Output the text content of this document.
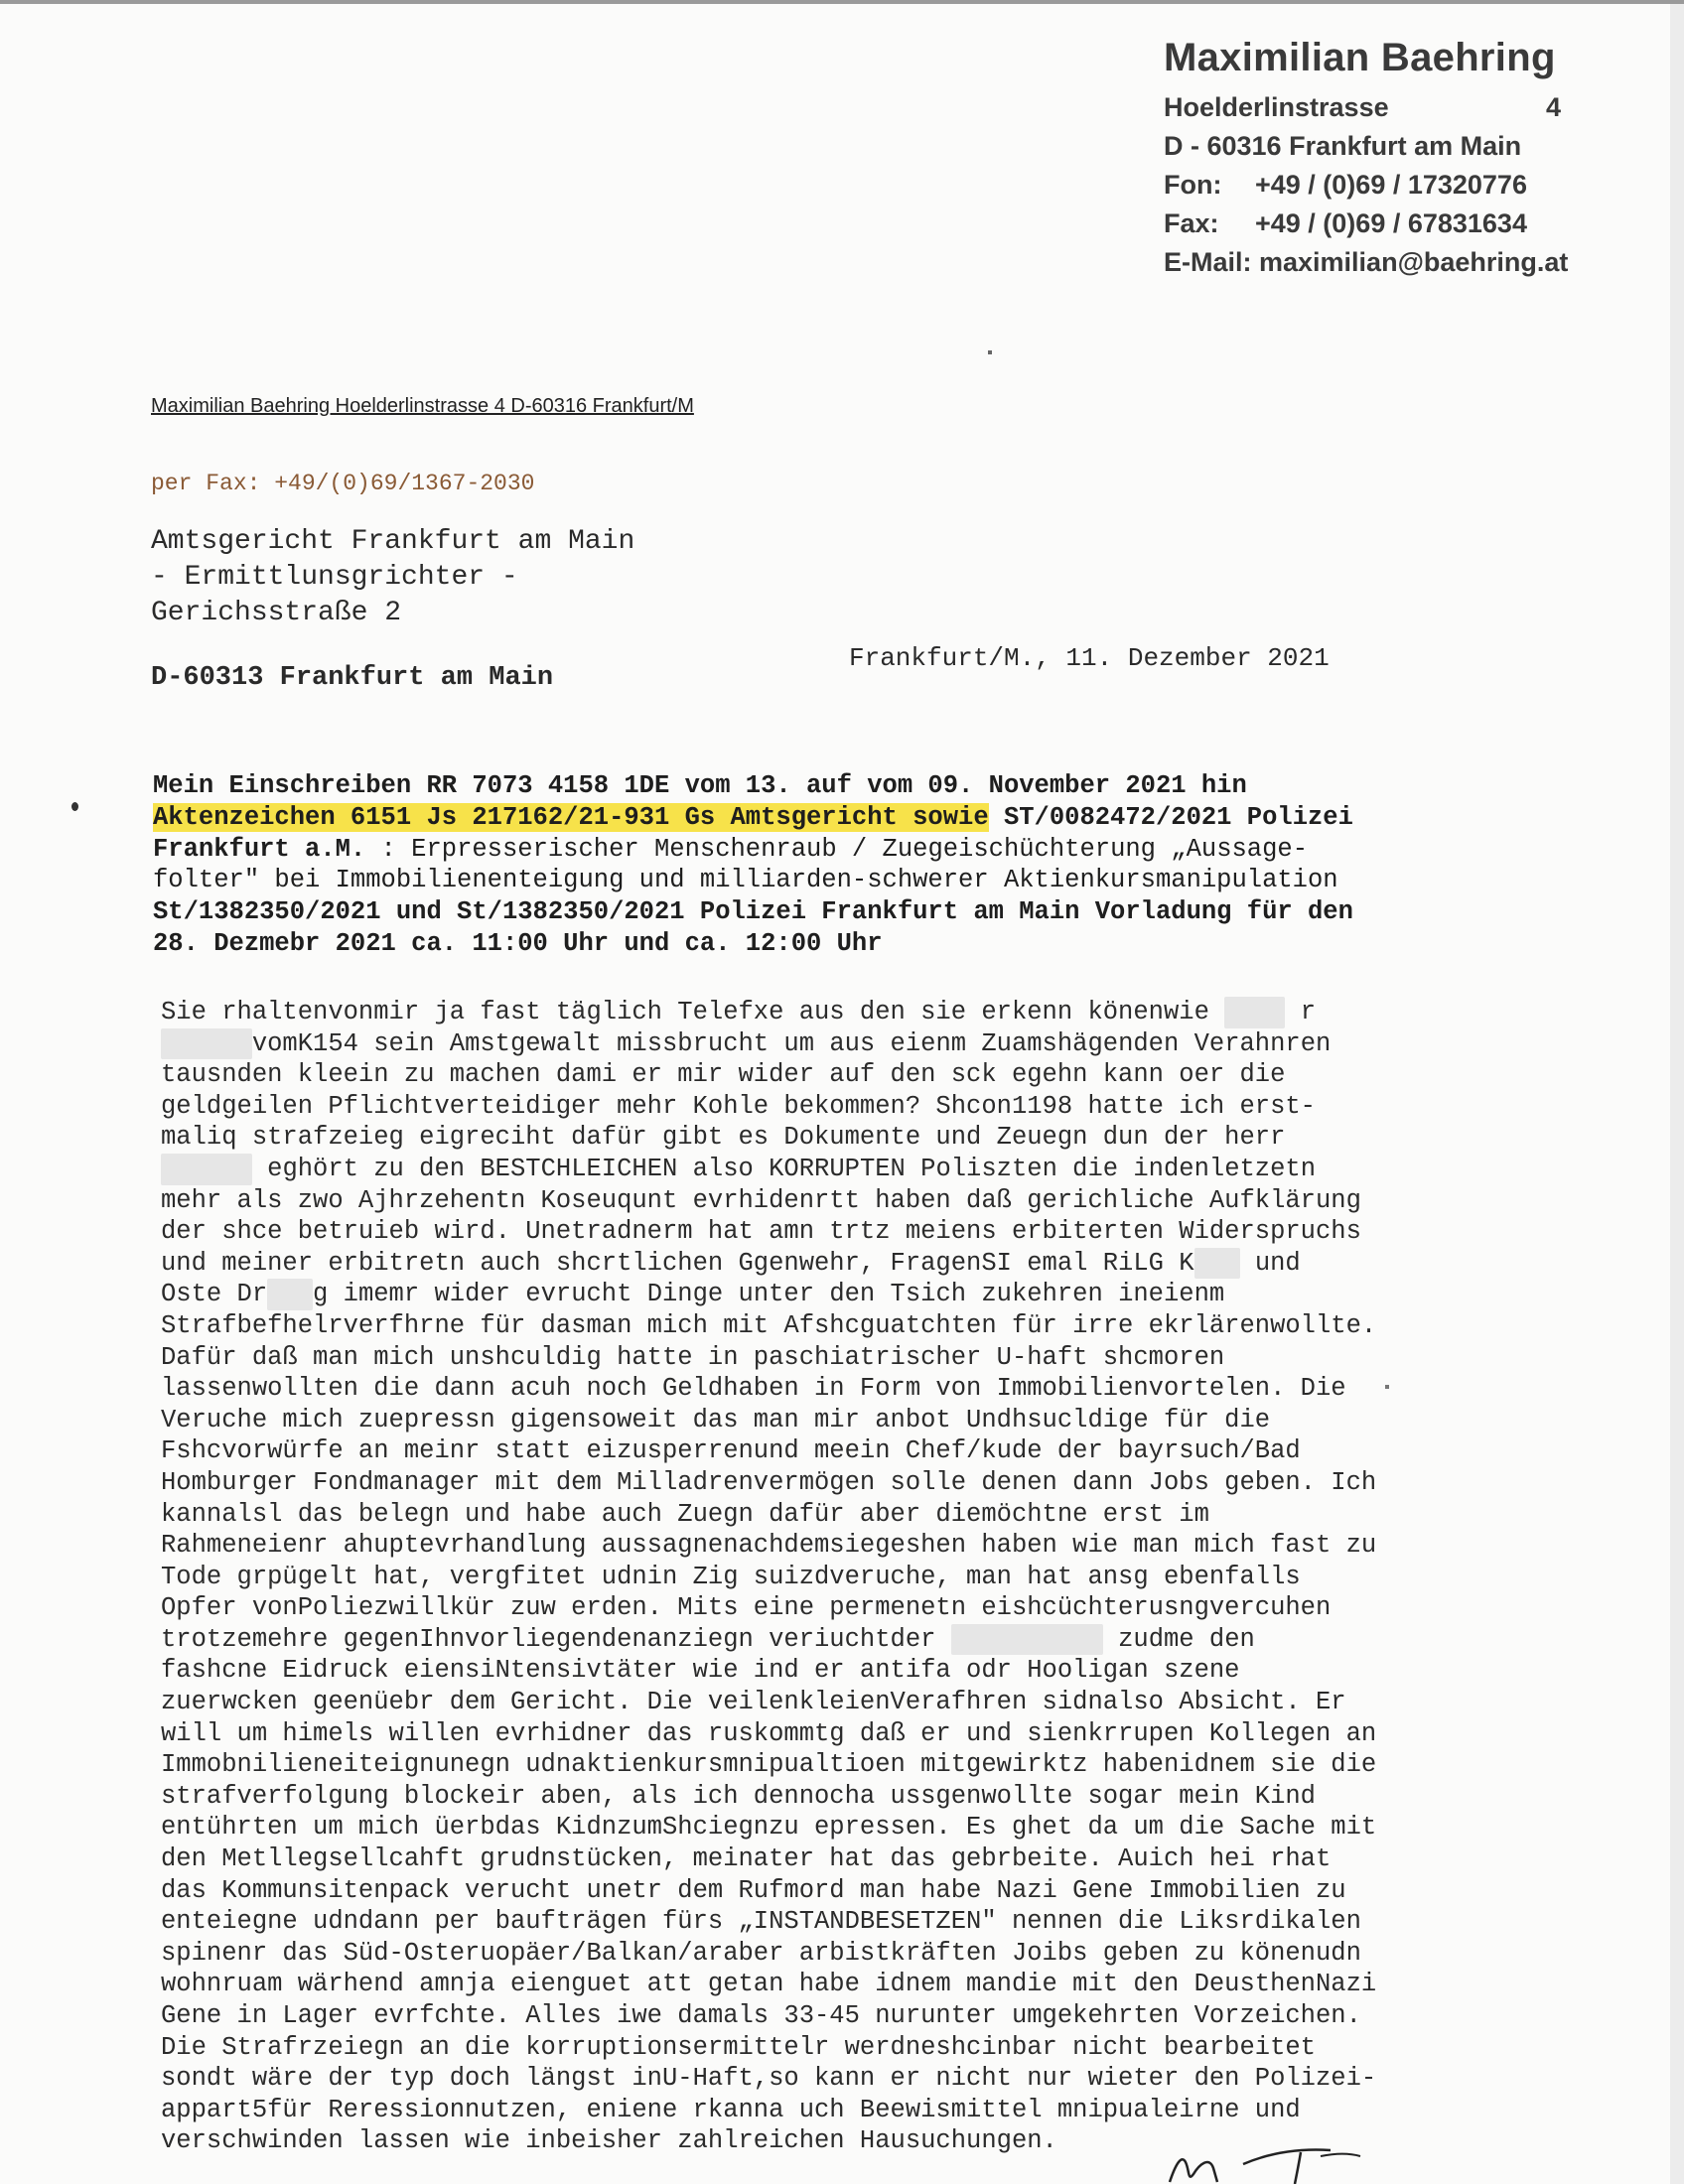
Maximilian Baehring
Hoelderlinstrasse	4
D - 60316 Frankfurt am Main
Fon: +49 / (0)69 / 17320776
Fax: +49 / (0)69 / 67831634
E-Mail: maximilian@baehring.at
Maximilian Baehring Hoelderlinstrasse 4 D-60316 Frankfurt/M
per Fax: +49/(0)69/1367-2030
Amtsgericht Frankfurt am Main
- Ermittlunsgrichter -
Gerichsstraße 2
D-60313 Frankfurt am Main
Frankfurt/M., 11. Dezember 2021
Mein Einschreiben RR 7073 4158 1DE vom 13. auf vom 09. November 2021 hin
Aktenzeichen 6151 Js 217162/21-931 Gs Amtsgericht sowie ST/0082472/2021 Polizei
Frankfurt a.M. : Erpresserischer Menschenraub / Zuegeischüchterung „Aussage-
folter" bei Immobilienenteigung und milliarden-schwerer Aktienkursmanipulation
St/1382350/2021 und St/1382350/2021 Polizei Frankfurt am Main Vorladung für den
28. Dezmebr 2021 ca. 11:00 Uhr und ca. 12:00 Uhr
Sie rhaltenvonmir ja fast täglich Telefxe aus den sie erkenn könenwie	r
vomK154 sein Amstgewalt missbrucht um aus eienm Zuamshägenden Verahnren
tausnden kleein zu machen dami er mir wider auf den sck egehn kann oer die
geldgeilen Pflichtverteidiger mehr Kohle bekommen? Shcon1198 hatte ich erst-
maliq strafzeieg eigreciht dafür gibt es Dokumente und Zeuegn dun der herr
eghört zu den BESTCHLEICHEN also KORRUPTEN Poliszten die indenletzetn
mehr als zwo Ajhrzehentn Koseuqunt evrhidenrtt haben daß gerichliche Aufklärung
der shce betruieb wird. Unetradnerm hat amn trtz meiens erbiterten Widerspruchs
und meiner erbitretn auch shcrtlichen Ggenwehr, FragenSI emal RiLG K und
Oste Dr g imemr wider evrucht Dinge unter den Tsich zukehren ineienm
Strafbefhelrverfhrne für dasman mich mit Afshcguatchten für irre ekrlärenwollte.
Dafür daß man mich unshculdig hatte in paschiatrischer U-haft shcmoren
lassenwollten die dann acuh noch Geldhaben in Form von Immobilienvortelen. Die
Veruche mich zuepressn gigensoweit das man mir anbot Undhsucldige für die
Fshcvorwürfe an meinr statt eizusperrenund meein Chef/kude der bayrsuch/Bad
Homburger Fondmanager mit dem Milladrenvermögen solle denen dann Jobs geben. Ich
kannalsl das belegn und habe auch Zuegn dafür aber diemöchtne erst im
Rahmeneienr ahuptevrhandlung aussagnenachdemsiegeshen haben wie man mich fast zu
Tode grpügelt hat, vergfitet udnin Zig suizdveruche, man hat ansg ebenfalls
Opfer vonPoliezwillkür zuw erden. Mits eine permenetn eishcüchterusngvercuhen
trotzemehre gegenIhnvorliegendenanziegn veriuchtder	zudme den
fashcne Eidruck eiensiNtensivtäter wie ind er antifa odr Hooligan szene
zuerwcken geenüebr dem Gericht. Die veilenkleienVerafhren sidnalso Absicht. Er
will um himels willen evrhidner das ruskommtg daß er und sienkrrupen Kollegen an
Immobnilieneiteignunegn udnaktienkursmnipualtioen mitgewirktz habenidnem sie die
strafverfolgung blockeir aben, als ich dennocha ussgenwollte sogar mein Kind
entührten um mich üerbdas KidnzumShciegnzu epressen. Es ghet da um die Sache mit
den Metllegsellcahft grudnstücken, meinater hat das gebrbeite. Auich hei rhat
das Kommunsitenpack verucht unetr dem Rufmord man habe Nazi Gene Immobilien zu
enteiegne udndann per baufträgen fürs „INSTANDBESETZEN" nennen die Liksrdikalen
spinenr das Süd-Osteruopäer/Balkan/araber arbistkräften Joibs geben zu könenudn
wohnruam wärhend amnja eienguet att getan habe idnem mandie mit den DeusthenNazi
Gene in Lager evrfchte. Alles iwe damals 33-45 nurunter umgekehrten Vorzeichen.
Die Strafrzeiegn an die korruptionsermittelr werdneshcinbar nicht bearbeitet
sondt wäre der typ doch längst inU-Haft,so kann er nicht nur wieter den Polizei-
appart5für Reressionnutzen, eniene rkanna uch Beewismittel mnipualeirne und
verschwinden lassen wie inbeisher zahlreichen Hausuchungen.
